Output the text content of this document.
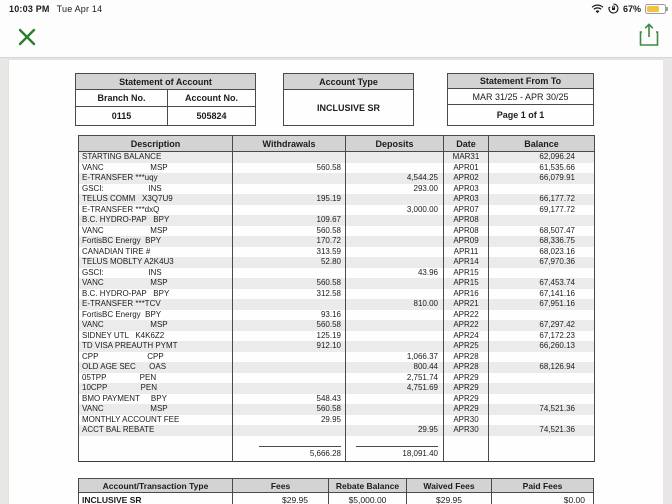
10:03 PM Tue Apr 14	67%
Statement of Account	
Branch No.	Account No.
0115	505824
Account Type
INCLUSIVE SR
Statement From To
MAR 31/25 - APR 30/25
Page 1 of 1
Description	Withdrawals	Deposits	Date	Balance
STARTING BALANCE			MAR31	62,096.24
VANC                     MSP	560.58		APR01	61,535.66
E-TRANSFER ***uqy		4,544.25	APR02	66,079.91
GSCI:                    INS		293.00	APR03	
TELUS COMM   X3Q7U9	195.19		APR03	66,177.72
E-TRANSFER ***dxQ		3,000.00	APR07	69,177.72
B.C. HYDRO-PAP   BPY	109.67		APR08	
VANC                     MSP	560.58		APR08	68,507.47
FortisBC Energy  BPY	170.72		APR09	68,336.75
CANADIAN TIRE #	313.59		APR11	68,023.16
TELUS MOBLTY A2K4U3	52.80		APR14	67,970.36
GSCI:                    INS		43.96	APR15	
VANC                     MSP	560.58		APR15	67,453.74
B.C. HYDRO-PAP   BPY	312.58		APR16	67,141.16
E-TRANSFER ***TCV		810.00	APR21	67,951.16
FortisBC Energy  BPY	93.16		APR22	
VANC                     MSP	560.58		APR22	67,297.42
SIDNEY UTL   K4K6Z2	125.19		APR24	67,172.23
TD VISA PREAUTH PYMT	912.10		APR25	66,260.13
CPP                      CPP		1,066.37	APR28	
OLD AGE SEC      OAS		800.44	APR28	68,126.94
05TPP               PEN		2,751.74	APR29	
10CPP               PEN		4,751.69	APR29	
BMO PAYMENT     BPY	548.43		APR29	
VANC                     MSP	560.58		APR29	74,521.36
MONTHLY ACCOUNT FEE	29.95		APR30	
ACCT BAL REBATE		29.95	APR30	74,521.36

	5,666.28	18,091.40		
Account/Transaction Type	Fees	Rebate Balance	Waived Fees	Paid Fees
INCLUSIVE SR	$29.95	$5,000.00	$29.95	$0.00
